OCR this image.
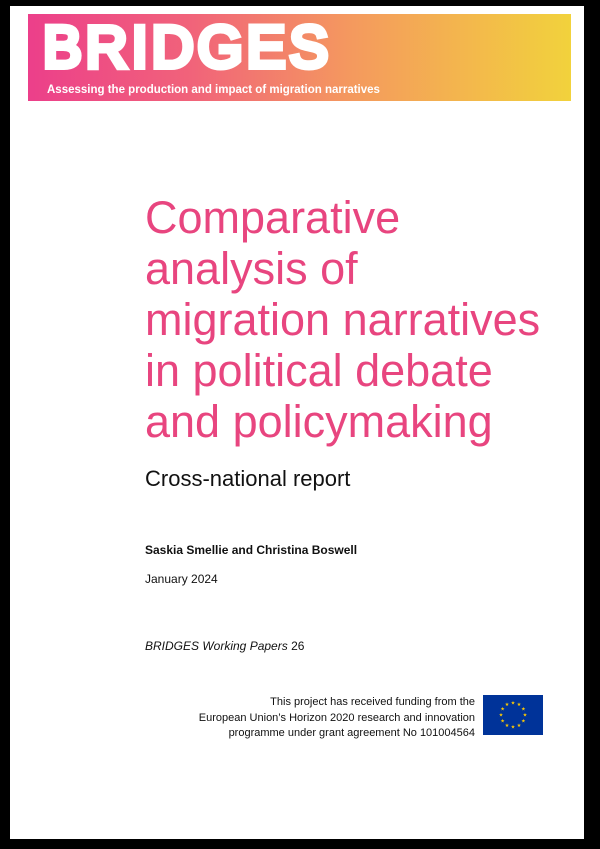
BRIDGES
Assessing the production and impact of migration narratives
Comparative
analysis of
migration narratives
in political debate
and policymaking
Cross-national report
Saskia Smellie and Christina Boswell
January 2024
BRIDGES Working Papers 26
This project has received funding from the
European Union’s Horizon 2020 research and innovation
programme under grant agreement No 101004564
★ ★
★
★
★
★
★
★
★
★
★
★
